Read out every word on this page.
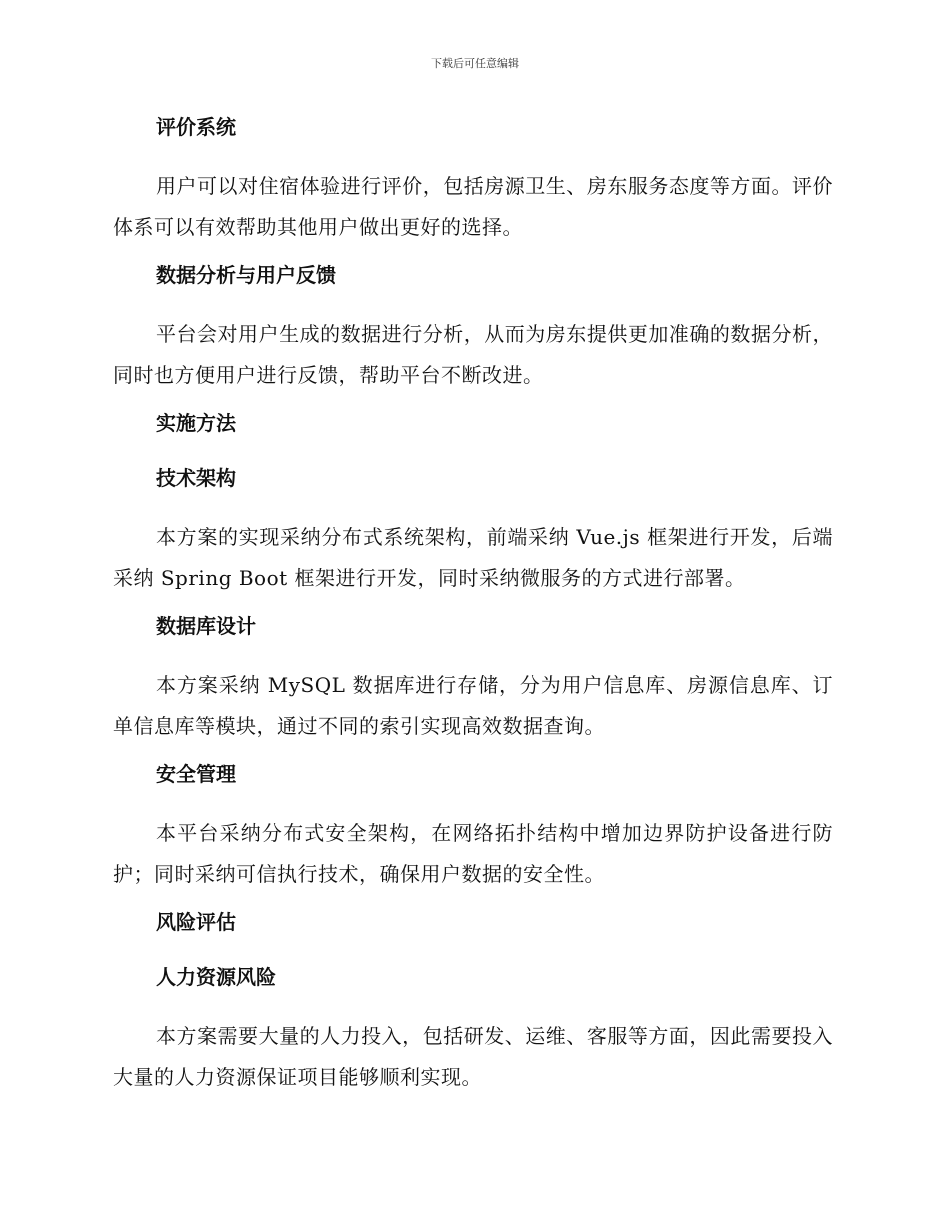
下载后可任意编辑
评价系统

用户可以对住宿体验进行评价，包括房源卫生、房东服务态度等方面。评价体系可以有效帮助其他用户做出更好的选择。

数据分析与用户反馈

平台会对用户生成的数据进行分析，从而为房东提供更加准确的数据分析，同时也方便用户进行反馈，帮助平台不断改进。

实施方法
技术架构

本方案的实现采纳分布式系统架构，前端采纳 Vue.js 框架进行开发，后端采纳 Spring Boot 框架进行开发，同时采纳微服务的方式进行部署。

数据库设计

本方案采纳 MySQL 数据库进行存储，分为用户信息库、房源信息库、订单信息库等模块，通过不同的索引实现高效数据查询。

安全管理

本平台采纳分布式安全架构，在网络拓扑结构中增加边界防护设备进行防护；同时采纳可信执行技术，确保用户数据的安全性。

风险评估
人力资源风险

本方案需要大量的人力投入，包括研发、运维、客服等方面，因此需要投入大量的人力资源保证项目能够顺利实现。
